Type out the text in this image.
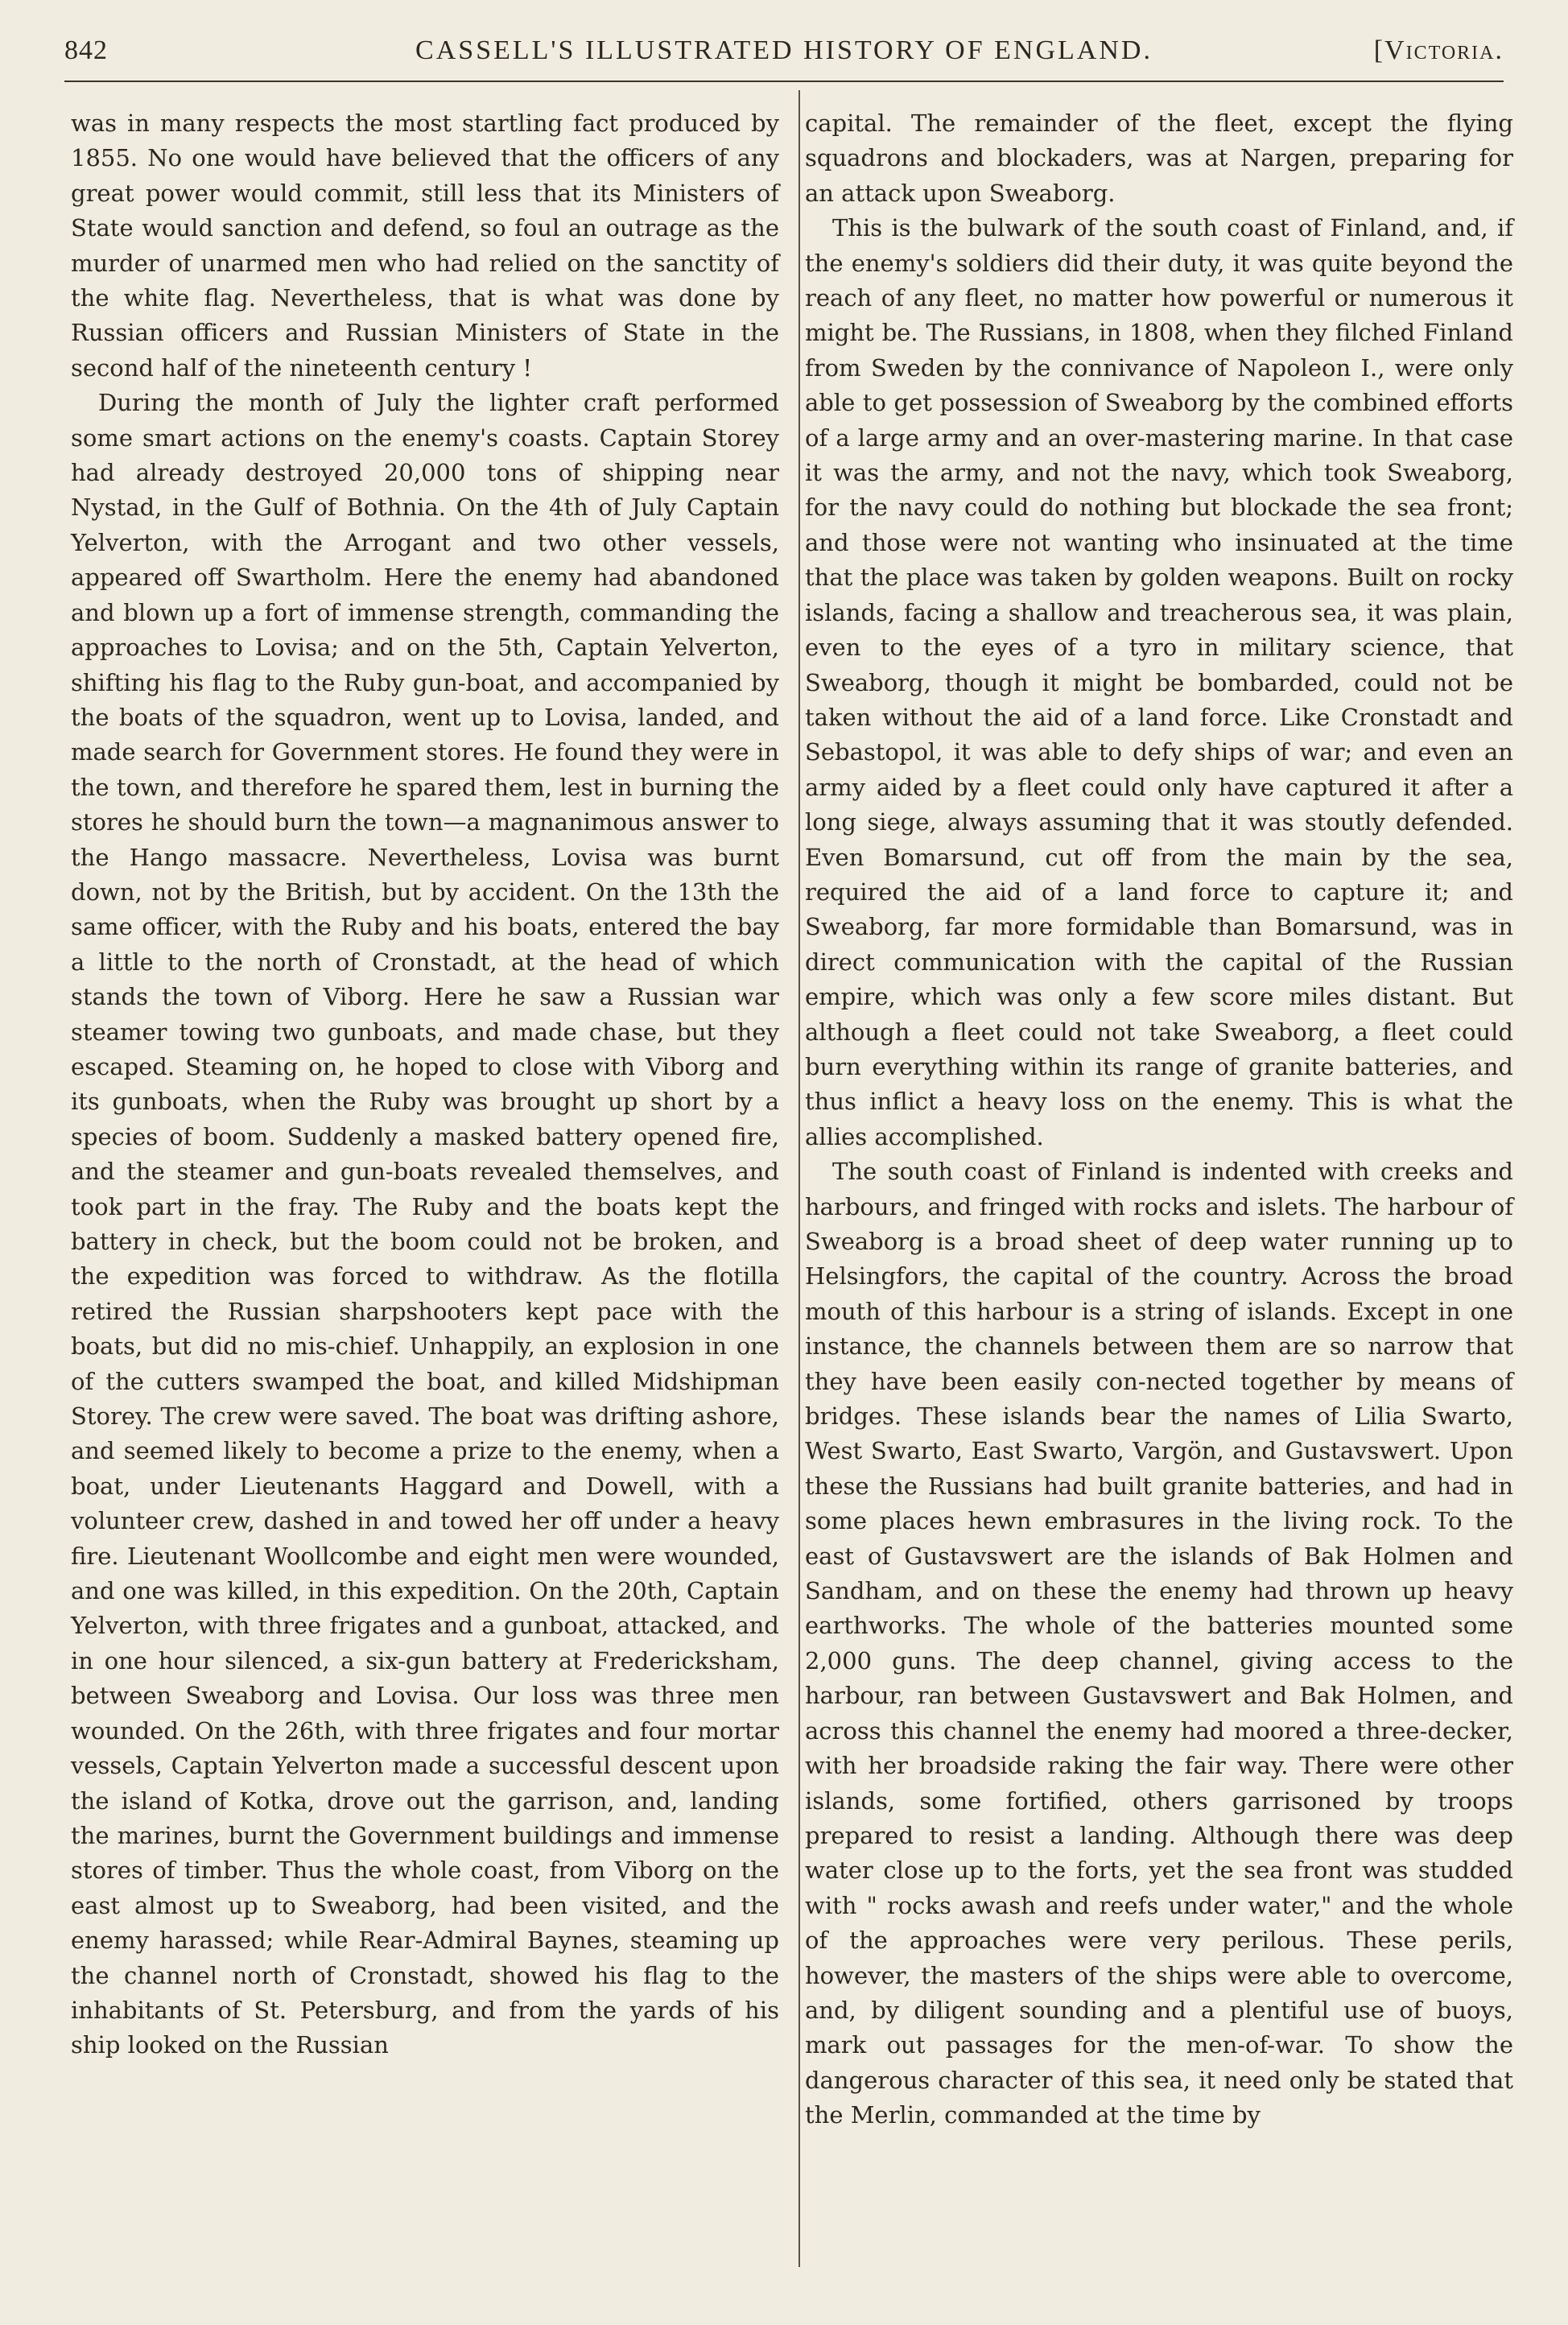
842	CASSELL'S ILLUSTRATED HISTORY OF ENGLAND.	[Victoria.

was in many respects the most startling fact produced by 1855. No one would have believed that the officers of any great power would commit, still less that its Ministers of State would sanction and defend, so foul an outrage as the murder of unarmed men who had relied on the sanctity of the white flag. Nevertheless, that is what was done by Russian officers and Russian Ministers of State in the second half of the nineteenth century !

During the month of July the lighter craft performed some smart actions on the enemy's coasts. Captain Storey had already destroyed 20,000 tons of shipping near Nystad, in the Gulf of Bothnia. On the 4th of July Captain Yelverton, with the Arrogant and two other vessels, appeared off Swartholm. Here the enemy had abandoned and blown up a fort of immense strength, commanding the approaches to Lovisa; and on the 5th, Captain Yelverton, shifting his flag to the Ruby gun-boat, and accompanied by the boats of the squadron, went up to Lovisa, landed, and made search for Government stores. He found they were in the town, and therefore he spared them, lest in burning the stores he should burn the town—a magnanimous answer to the Hango massacre. Nevertheless, Lovisa was burnt down, not by the British, but by accident. On the 13th the same officer, with the Ruby and his boats, entered the bay a little to the north of Cronstadt, at the head of which stands the town of Viborg. Here he saw a Russian war steamer towing two gunboats, and made chase, but they escaped. Steaming on, he hoped to close with Viborg and its gunboats, when the Ruby was brought up short by a species of boom. Suddenly a masked battery opened fire, and the steamer and gun-boats revealed themselves, and took part in the fray. The Ruby and the boats kept the battery in check, but the boom could not be broken, and the expedition was forced to withdraw. As the flotilla retired the Russian sharpshooters kept pace with the boats, but did no mis-chief. Unhappily, an explosion in one of the cutters swamped the boat, and killed Midshipman Storey. The crew were saved. The boat was drifting ashore, and seemed likely to become a prize to the enemy, when a boat, under Lieutenants Haggard and Dowell, with a volunteer crew, dashed in and towed her off under a heavy fire. Lieutenant Woollcombe and eight men were wounded, and one was killed, in this expedition. On the 20th, Captain Yelverton, with three frigates and a gunboat, attacked, and in one hour silenced, a six-gun battery at Fredericksham, between Sweaborg and Lovisa. Our loss was three men wounded. On the 26th, with three frigates and four mortar vessels, Captain Yelverton made a successful descent upon the island of Kotka, drove out the garrison, and, landing the marines, burnt the Government buildings and immense stores of timber. Thus the whole coast, from Viborg on the east almost up to Sweaborg, had been visited, and the enemy harassed; while Rear-Admiral Baynes, steaming up the channel north of Cronstadt, showed his flag to the inhabitants of St. Petersburg, and from the yards of his ship looked on the Russian

capital. The remainder of the fleet, except the flying squadrons and blockaders, was at Nargen, preparing for an attack upon Sweaborg.

This is the bulwark of the south coast of Finland, and, if the enemy's soldiers did their duty, it was quite beyond the reach of any fleet, no matter how powerful or numerous it might be. The Russians, in 1808, when they filched Finland from Sweden by the connivance of Napoleon I., were only able to get possession of Sweaborg by the combined efforts of a large army and an over-mastering marine. In that case it was the army, and not the navy, which took Sweaborg, for the navy could do nothing but blockade the sea front; and those were not wanting who insinuated at the time that the place was taken by golden weapons. Built on rocky islands, facing a shallow and treacherous sea, it was plain, even to the eyes of a tyro in military science, that Sweaborg, though it might be bombarded, could not be taken without the aid of a land force. Like Cronstadt and Sebastopol, it was able to defy ships of war; and even an army aided by a fleet could only have captured it after a long siege, always assuming that it was stoutly defended. Even Bomarsund, cut off from the main by the sea, required the aid of a land force to capture it; and Sweaborg, far more formidable than Bomarsund, was in direct communication with the capital of the Russian empire, which was only a few score miles distant. But although a fleet could not take Sweaborg, a fleet could burn everything within its range of granite batteries, and thus inflict a heavy loss on the enemy. This is what the allies accomplished.

The south coast of Finland is indented with creeks and harbours, and fringed with rocks and islets. The harbour of Sweaborg is a broad sheet of deep water running up to Helsingfors, the capital of the country. Across the broad mouth of this harbour is a string of islands. Except in one instance, the channels between them are so narrow that they have been easily con-nected together by means of bridges. These islands bear the names of Lilia Swarto, West Swarto, East Swarto, Vargön, and Gustavswert. Upon these the Russians had built granite batteries, and had in some places hewn embrasures in the living rock. To the east of Gustavswert are the islands of Bak Holmen and Sandham, and on these the enemy had thrown up heavy earthworks. The whole of the batteries mounted some 2,000 guns. The deep channel, giving access to the harbour, ran between Gustavswert and Bak Holmen, and across this channel the enemy had moored a three-decker, with her broadside raking the fair way. There were other islands, some fortified, others garrisoned by troops prepared to resist a landing. Although there was deep water close up to the forts, yet the sea front was studded with " rocks awash and reefs under water," and the whole of the approaches were very perilous. These perils, however, the masters of the ships were able to overcome, and, by diligent sounding and a plentiful use of buoys, mark out passages for the men-of-war. To show the dangerous character of this sea, it need only be stated that the Merlin, commanded at the time by
